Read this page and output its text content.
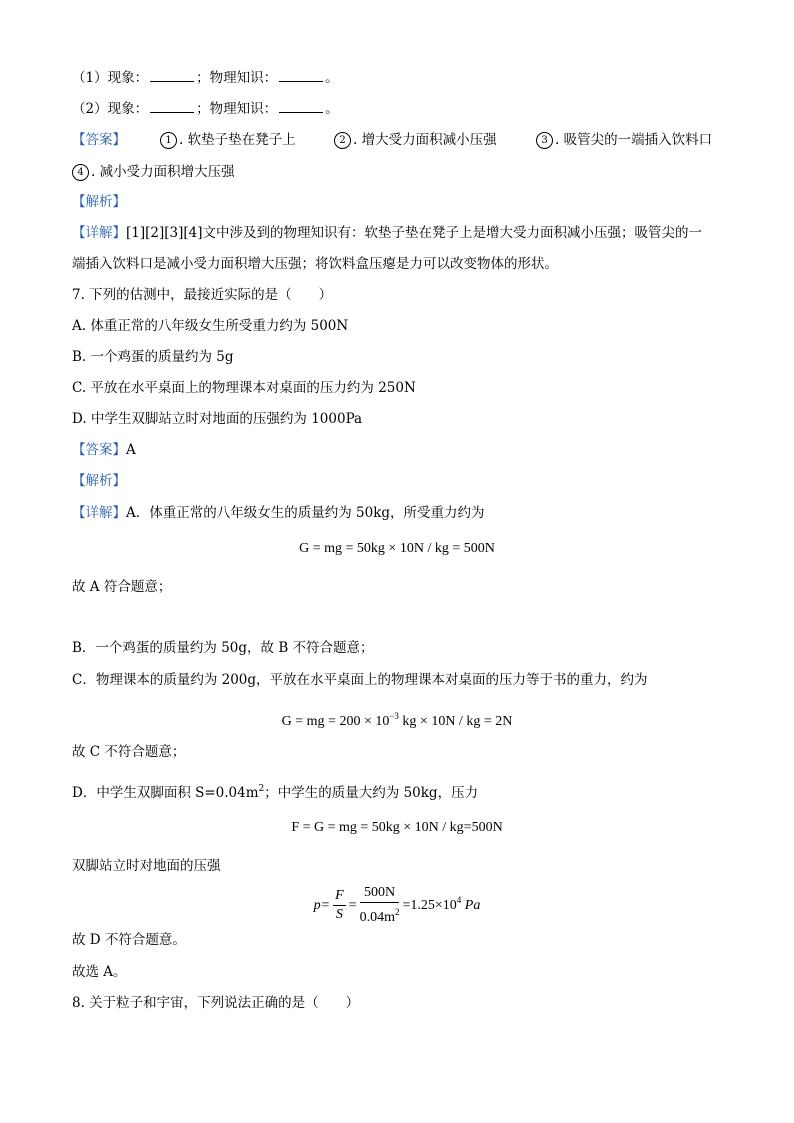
（1）现象：	；物理知识：	。
（2）现象：	；物理知识：	。
【答案】	1 . 软垫子垫在凳子上	2 . 增大受力面积减小压强	3 . 吸管尖的一端插入饮料口
4 . 减小受力面积增大压强
【解析】
【详解】[1][2][3][4]文中涉及到的物理知识有：软垫子垫在凳子上是增大受力面积减小压强；吸管尖的一
端插入饮料口是减小受力面积增大压强；将饮料盒压瘪是力可以改变物体的形状。
7. 下列的估测中，最接近实际的是（　　）
A. 体重正常的八年级女生所受重力约为 500N
B. 一个鸡蛋的质量约为 5g
C. 平放在水平桌面上的物理课本对桌面的压力约为 250N
D. 中学生双脚站立时对地面的压强约为 1000Pa
【答案】A
【解析】
【详解】A．体重正常的八年级女生的质量约为 50kg，所受重力约为
G = mg = 50kg × 10N / kg = 500N
故 A 符合题意；
B．一个鸡蛋的质量约为 50g，故 B 不符合题意；
C．物理课本的质量约为 200g，平放在水平桌面上的物理课本对桌面的压力等于书的重力，约为
G = mg = $200 \times 10^{-3}$ kg × 10N / kg = 2N
故 C 不符合题意；
D．中学生双脚面积 $S=0.04m^2$；中学生的质量大约为 50kg，压力
F = G = mg = 50kg × 10N / kg=500N
双脚站立时对地面的压强
$p= \frac{F}{S} = \frac{500N}{0.04m^2} =1.25\times 10^4$ Pa
故 D 不符合题意。
故选 A。
8. 关于粒子和宇宙，下列说法正确的是（　　）
